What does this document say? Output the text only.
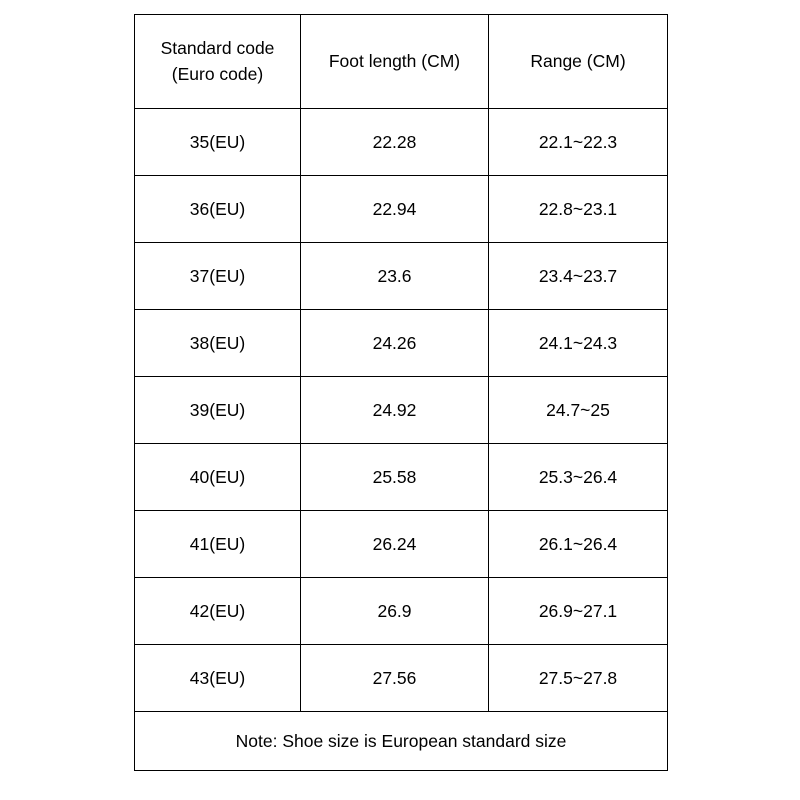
Standard code
(Euro code)	Foot length (CM)	Range (CM)

35(EU)	22.28	22.1~22.3
36(EU)	22.94	22.8~23.1
37(EU)	23.6	23.4~23.7
38(EU)	24.26	24.1~24.3
39(EU)	24.92	24.7~25
40(EU)	25.58	25.3~26.4
41(EU)	26.24	26.1~26.4
42(EU)	26.9	26.9~27.1
43(EU)	27.56	27.5~27.8
Note: Shoe size is European standard size		
